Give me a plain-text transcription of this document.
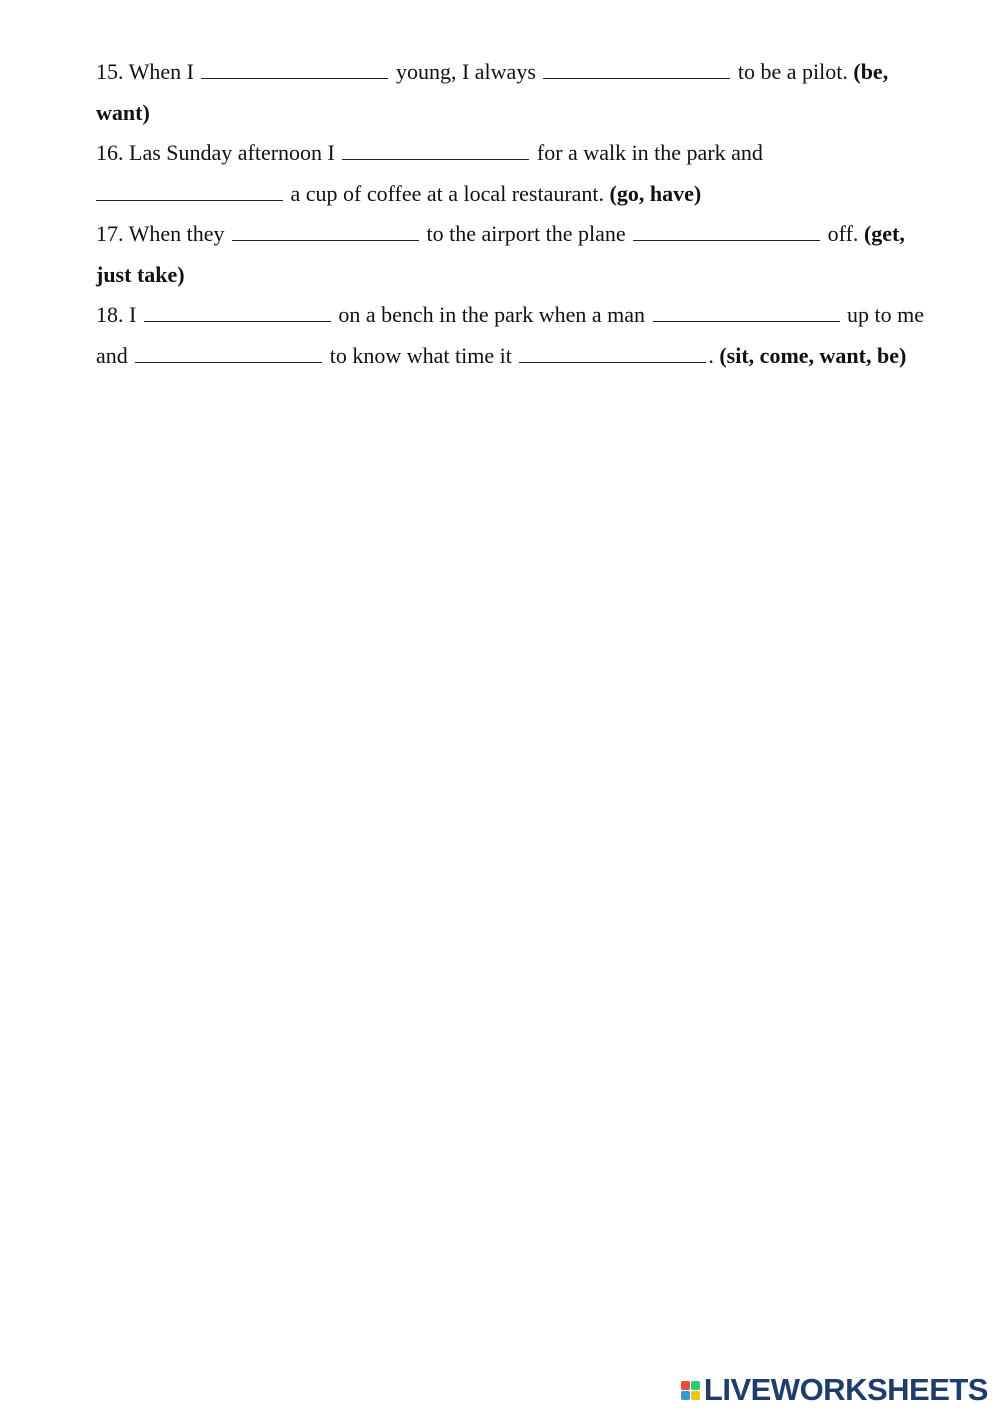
15. When I	young, I always	to be a pilot. (be, want)

16. Las Sunday afternoon I	for a walk in the park and  a cup of coffee at a local restaurant. (go, have)

17. When they	to the airport the plane	off. (get, just take)

18. I	on a bench in the park when a man	up to me and	to know what time it	. (sit, come, want, be)

LIVEWORKSHEETS
